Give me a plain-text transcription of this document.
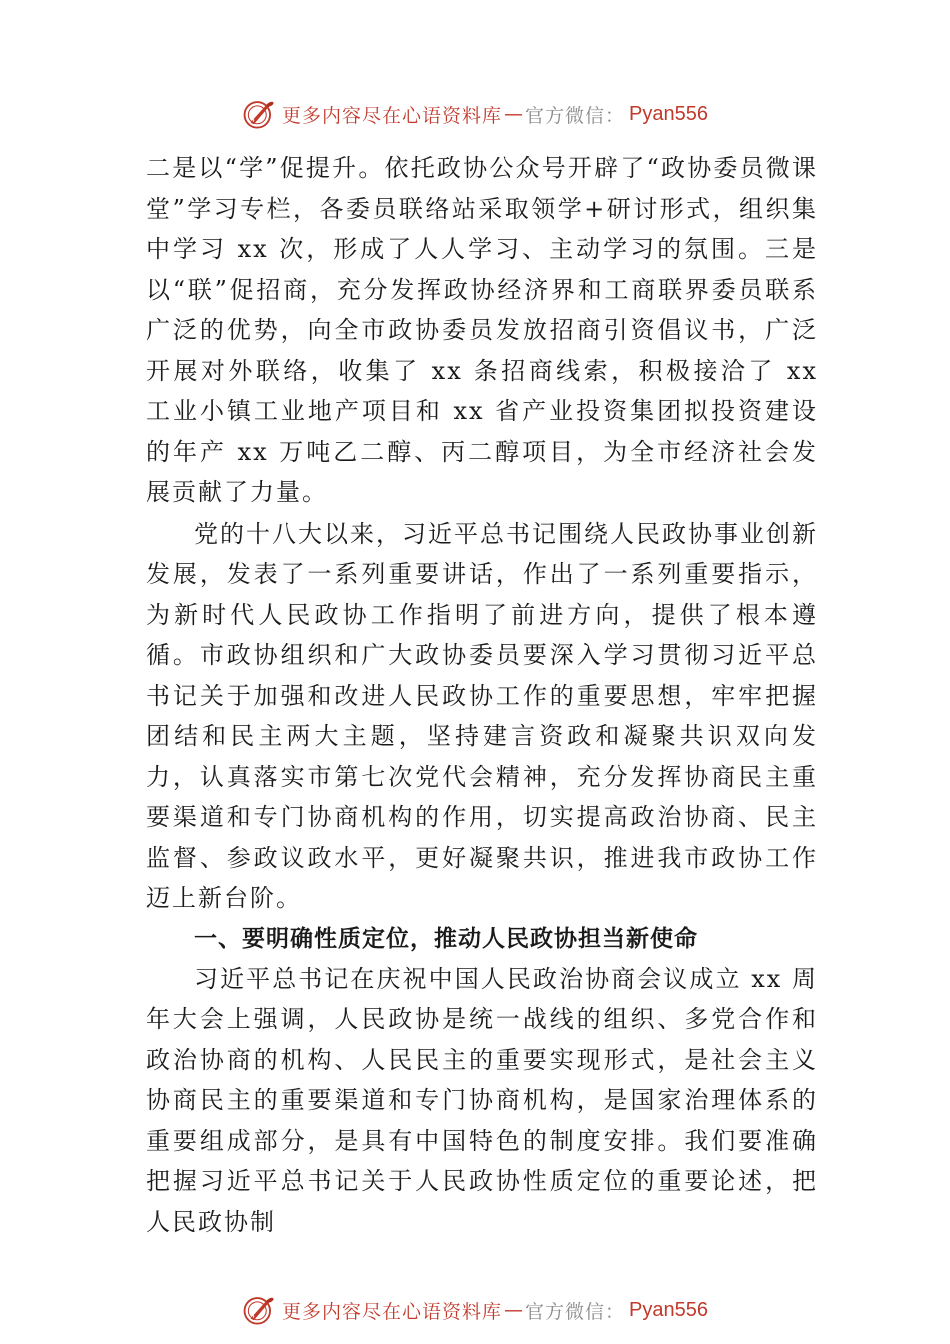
更多内容尽在心语资料库 — 官方微信： Pyan556

二是以“学”促提升。依托政协公众号开辟了“政协委员微课堂”学习专栏，各委员联络站采取领学+研讨形式，组织集中学习 xx 次，形成了人人学习、主动学习的氛围。三是以“联”促招商，充分发挥政协经济界和工商联界委员联系广泛的优势，向全市政协委员发放招商引资倡议书，广泛开展对外联络，收集了 xx 条招商线索，积极接洽了 xx 工业小镇工业地产项目和 xx 省产业投资集团拟投资建设的年产 xx 万吨乙二醇、丙二醇项目，为全市经济社会发展贡献了力量。

党的十八大以来，习近平总书记围绕人民政协事业创新发展，发表了一系列重要讲话，作出了一系列重要指示，为新时代人民政协工作指明了前进方向，提供了根本遵循。市政协组织和广大政协委员要深入学习贯彻习近平总书记关于加强和改进人民政协工作的重要思想，牢牢把握团结和民主两大主题，坚持建言资政和凝聚共识双向发力，认真落实市第七次党代会精神，充分发挥协商民主重要渠道和专门协商机构的作用，切实提高政治协商、民主监督、参政议政水平，更好凝聚共识，推进我市政协工作迈上新台阶。

一、要明确性质定位，推动人民政协担当新使命

习近平总书记在庆祝中国人民政治协商会议成立 xx 周年大会上强调，人民政协是统一战线的组织、多党合作和政治协商的机构、人民民主的重要实现形式，是社会主义协商民主的重要渠道和专门协商机构，是国家治理体系的重要组成部分，是具有中国特色的制度安排。我们要准确把握习近平总书记关于人民政协性质定位的重要论述，把人民政协制

更多内容尽在心语资料库 — 官方微信： Pyan556
